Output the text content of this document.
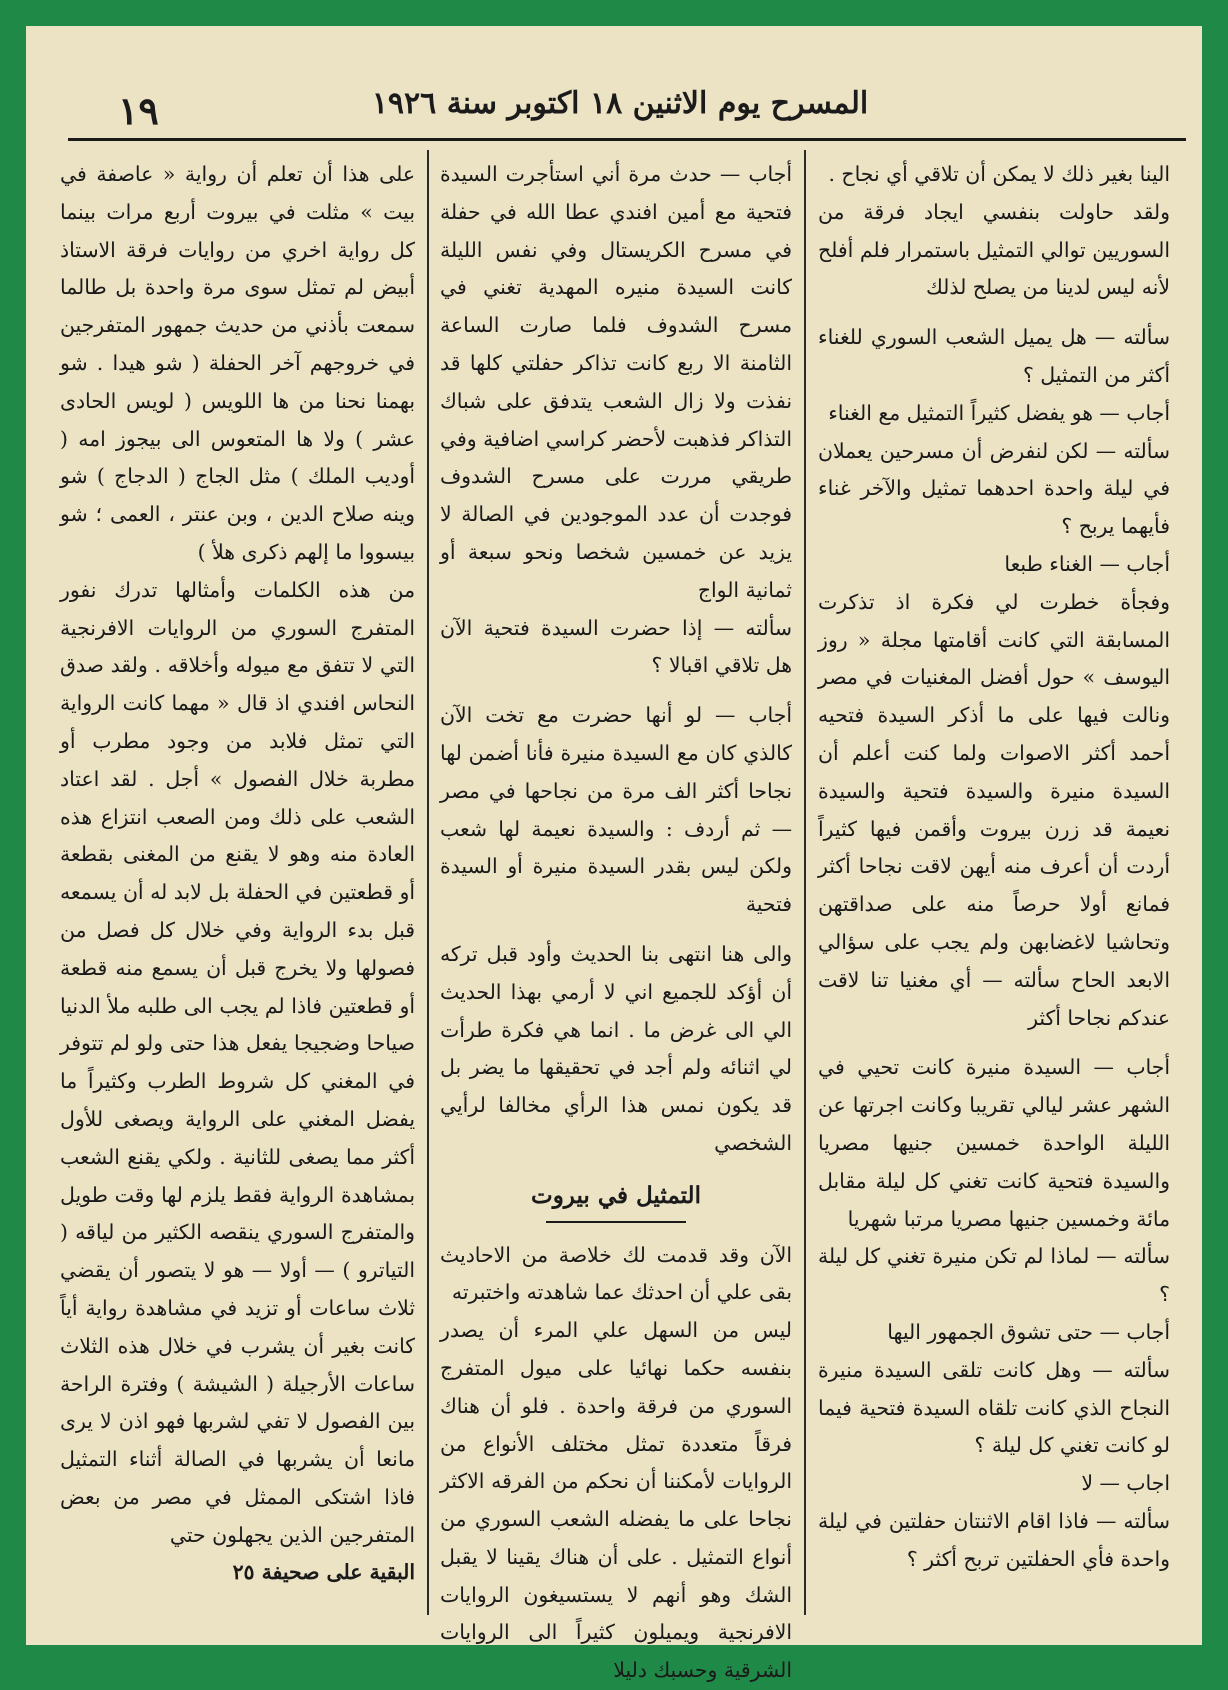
١٩	المسرح يوم الاثنين ١٨ اكتوبر سنة ١٩٢٦

الينا بغير ذلك لا يمكن أن تلاقي أي نجاح .

ولقد حاولت بنفسي ايجاد فرقة من السوريين توالي التمثيل باستمرار فلم أفلح لأنه ليس لدينا من يصلح لذلك

سألته — هل يميل الشعب السوري للغناء أكثر من التمثيل ؟

أجاب — هو يفضل كثيراً التمثيل مع الغناء

سألته — لكن لنفرض أن مسرحين يعملان في ليلة واحدة احدهما تمثيل والآخر غناء فأيهما يربح ؟

أجاب — الغناء طبعا

وفجأة خطرت لي فكرة اذ تذكرت المسابقة التي كانت أقامتها مجلة « روز اليوسف » حول أفضل المغنيات في مصر ونالت فيها على ما أذكر السيدة فتحيه أحمد أكثر الاصوات ولما كنت أعلم أن السيدة منيرة والسيدة فتحية والسيدة نعيمة قد زرن بيروت وأقمن فيها كثيراً أردت أن أعرف منه أيهن لاقت نجاحا أكثر فمانع أولا حرصاً منه على صداقتهن وتحاشيا لاغضابهن ولم يجب على سؤالي الابعد الحاح سألته — أي مغنيا تنا لاقت عندكم نجاحا أكثر

أجاب — السيدة منيرة كانت تحيي في الشهر عشر ليالي تقريبا وكانت اجرتها عن الليلة الواحدة خمسين جنيها مصريا والسيدة فتحية كانت تغني كل ليلة مقابل مائة وخمسين جنيها مصريا مرتبا شهريا

سألته — لماذا لم تكن منيرة تغني كل ليلة ؟

أجاب — حتى تشوق الجمهور اليها

سألته — وهل كانت تلقى السيدة منيرة النجاح الذي كانت تلقاه السيدة فتحية فيما لو كانت تغني كل ليلة ؟

اجاب — لا

سألته — فاذا اقام الاثنتان حفلتين في ليلة واحدة فأي الحفلتين تربح أكثر ؟

أجاب — حدث مرة أني استأجرت السيدة فتحية مع أمين افندي عطا الله في حفلة في مسرح الكريستال وفي نفس الليلة كانت السيدة منيره المهدية تغني في مسرح الشدوف فلما صارت الساعة الثامنة الا ربع كانت تذاكر حفلتي كلها قد نفذت ولا زال الشعب يتدفق على شباك التذاكر فذهبت لأحضر كراسي اضافية وفي طريقي مررت على مسرح الشدوف فوجدت أن عدد الموجودين في الصالة لا يزيد عن خمسين شخصا ونحو سبعة أو ثمانية الواج

سألته — إذا حضرت السيدة فتحية الآن هل تلاقي اقبالا ؟

أجاب — لو أنها حضرت مع تخت الآن كالذي كان مع السيدة منيرة فأنا أضمن لها نجاحا أكثر الف مرة من نجاحها في مصر — ثم أردف : والسيدة نعيمة لها شعب ولكن ليس بقدر السيدة منيرة أو السيدة فتحية

والى هنا انتهى بنا الحديث وأود قبل تركه أن أؤكد للجميع اني لا أرمي بهذا الحديث الي الى غرض ما . انما هي فكرة طرأت لي اثنائه ولم أجد في تحقيقها ما يضر بل قد يكون نمس هذا الرأي مخالفا لرأيي الشخصي

التمثيل في بيروت

الآن وقد قدمت لك خلاصة من الاحاديث بقى علي أن احدثك عما شاهدته واختبرته

ليس من السهل علي المرء أن يصدر بنفسه حكما نهائيا على ميول المتفرج السوري من فرقة واحدة . فلو أن هناك فرقاً متعددة تمثل مختلف الأنواع من الروايات لأمكننا أن نحكم من الفرقه الاكثر نجاحا على ما يفضله الشعب السوري من أنواع التمثيل . على أن هناك يقينا لا يقبل الشك وهو أنهم لا يستسيغون الروايات الافرنجية ويميلون كثيراً الى الروايات الشرقية وحسبك دليلا

على هذا أن تعلم أن رواية « عاصفة في بيت » مثلت في بيروت أربع مرات بينما كل رواية اخري من روايات فرقة الاستاذ أبيض لم تمثل سوى مرة واحدة بل طالما سمعت بأذني من حديث جمهور المتفرجين في خروجهم آخر الحفلة ( شو هيدا . شو بهمنا نحنا من ها اللويس ( لويس الحادى عشر ) ولا ها المتعوس الى بيجوز امه ( أوديب الملك ) مثل الجاج ( الدجاج ) شو وينه صلاح الدين ، وبن عنتر ، العمى ؛ شو بيسووا ما إلهم ذكرى هلأ )

من هذه الكلمات وأمثالها تدرك نفور المتفرج السوري من الروايات الافرنجية التي لا تتفق مع ميوله وأخلاقه . ولقد صدق النحاس افندي اذ قال « مهما كانت الرواية التي تمثل فلابد من وجود مطرب أو مطربة خلال الفصول » أجل . لقد اعتاد الشعب على ذلك ومن الصعب انتزاع هذه العادة منه وهو لا يقنع من المغنى بقطعة أو قطعتين في الحفلة بل لابد له أن يسمعه قبل بدء الرواية وفي خلال كل فصل من فصولها ولا يخرج قبل أن يسمع منه قطعة أو قطعتين فاذا لم يجب الى طلبه ملأ الدنيا صياحا وضجيجا يفعل هذا حتى ولو لم تتوفر في المغني كل شروط الطرب وكثيراً ما يفضل المغني على الرواية ويصغى للأول أكثر مما يصغى للثانية . ولكي يقنع الشعب بمشاهدة الرواية فقط يلزم لها وقت طويل والمتفرج السوري ينقصه الكثير من لياقه ( التياترو ) — أولا — هو لا يتصور أن يقضي ثلاث ساعات أو تزيد في مشاهدة رواية أياً كانت بغير أن يشرب في خلال هذه الثلاث ساعات الأرجيلة ( الشيشة ) وفترة الراحة بين الفصول لا تفي لشربها فهو اذن لا يرى مانعا أن يشربها في الصالة أثناء التمثيل فاذا اشتكى الممثل في مصر من بعض المتفرجين الذين يجهلون حتي

البقية على صحيفة ٢٥
